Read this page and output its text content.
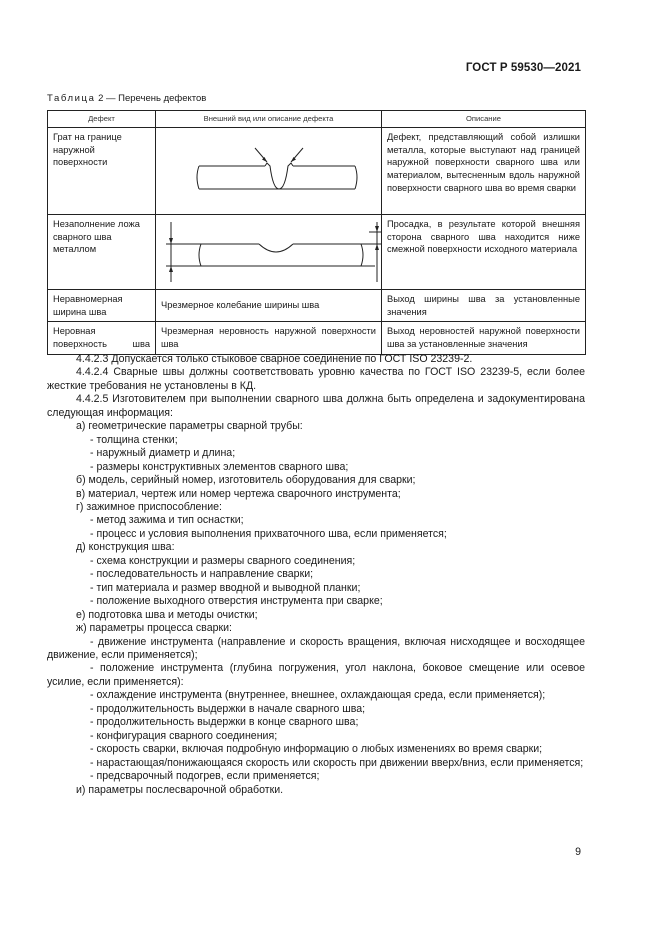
ГОСТ Р 59530—2021
Таблица 2 — Перечень дефектов
Дефект	Внешний вид или описание дефекта	Описание
Грат на границе наружной поверхности		Дефект, представляющий собой излишки металла, которые выступают над границей наружной поверхности сварного шва или материалом, вытесненным вдоль наружной поверхности сварного шва во время сварки
Незаполнение ложа сварного шва металлом		Просадка, в результате которой внешняя сторона сварного шва находится ниже смежной поверхности исходного материала
Неравномерная ширина шва	Чрезмерное колебание ширины шва	Выход ширины шва за установленные значения
Неровная поверхность шва	Чрезмерная неровность наружной поверхности шва	Выход неровностей наружной поверхности шва за установленные значения

4.4.2.3 Допускается только стыковое сварное соединение по ГОСТ ISO 23239-2.

4.4.2.4 Сварные швы должны соответствовать уровню качества по ГОСТ ISO 23239-5, если более жесткие требования не установлены в КД.

4.4.2.5 Изготовителем при выполнении сварного шва должна быть определена и задокументирована следующая информация:

а) геометрические параметры сварной трубы:

- толщина стенки;

- наружный диаметр и длина;

- размеры конструктивных элементов сварного шва;

б) модель, серийный номер, изготовитель оборудования для сварки;

в) материал, чертеж или номер чертежа сварочного инструмента;

г) зажимное приспособление:

- метод зажима и тип оснастки;

- процесс и условия выполнения прихваточного шва, если применяется;

д) конструкция шва:

- схема конструкции и размеры сварного соединения;

- последовательность и направление сварки;

- тип материала и размер вводной и выводной планки;

- положение выходного отверстия инструмента при сварке;

е) подготовка шва и методы очистки;

ж) параметры процесса сварки:

- движение инструмента (направление и скорость вращения, включая нисходящее и восходящее движение, если применяется);

- положение инструмента (глубина погружения, угол наклона, боковое смещение или осевое усилие, если применяется):

- охлаждение инструмента (внутреннее, внешнее, охлаждающая среда, если применяется);

- продолжительность выдержки в начале сварного шва;

- продолжительность выдержки в конце сварного шва;

- конфигурация сварного соединения;

- скорость сварки, включая подробную информацию о любых изменениях во время сварки;

- нарастающая/понижающаяся скорость или скорость при движении вверх/вниз, если применяется;

- предсварочный подогрев, если применяется;

и) параметры послесварочной обработки.

9
